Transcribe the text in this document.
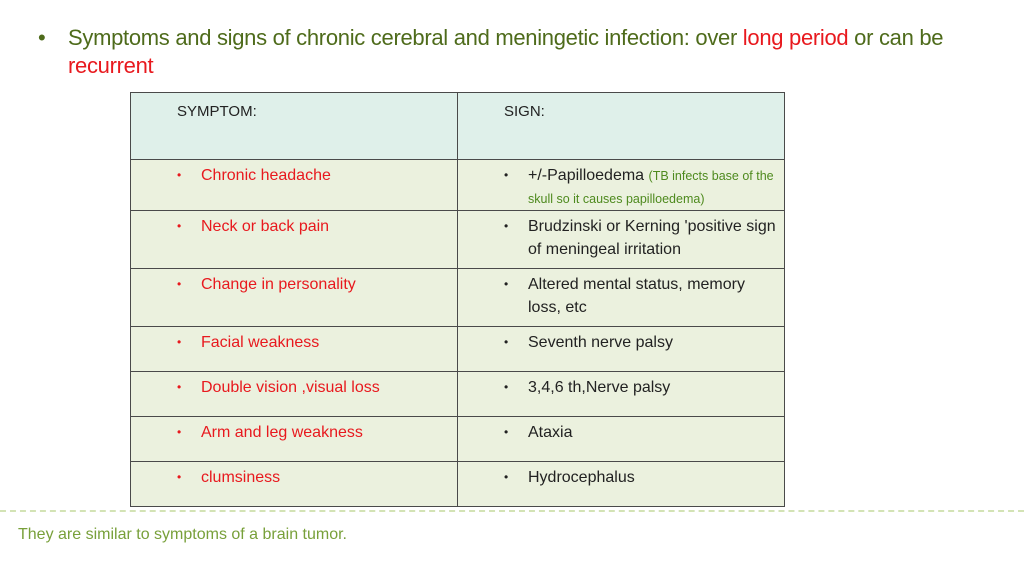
• Symptoms and signs of chronic cerebral and meningetic infection: over long period or can be recurrent
SYMPTOM:	SIGN:

• Chronic headache	• +/-Papilloedema (TB infects base of the skull so it causes papilloedema)

• Neck or back pain	• Brudzinski or Kerning 'positive sign of meningeal irritation

• Change in personality	• Altered mental status, memory loss, etc

• Facial weakness	• Seventh nerve palsy

• Double vision ,visual loss	• 3,4,6 th,Nerve palsy

• Arm and leg weakness	• Ataxia

• clumsiness	• Hydrocephalus
They are similar to symptoms of a brain tumor.
